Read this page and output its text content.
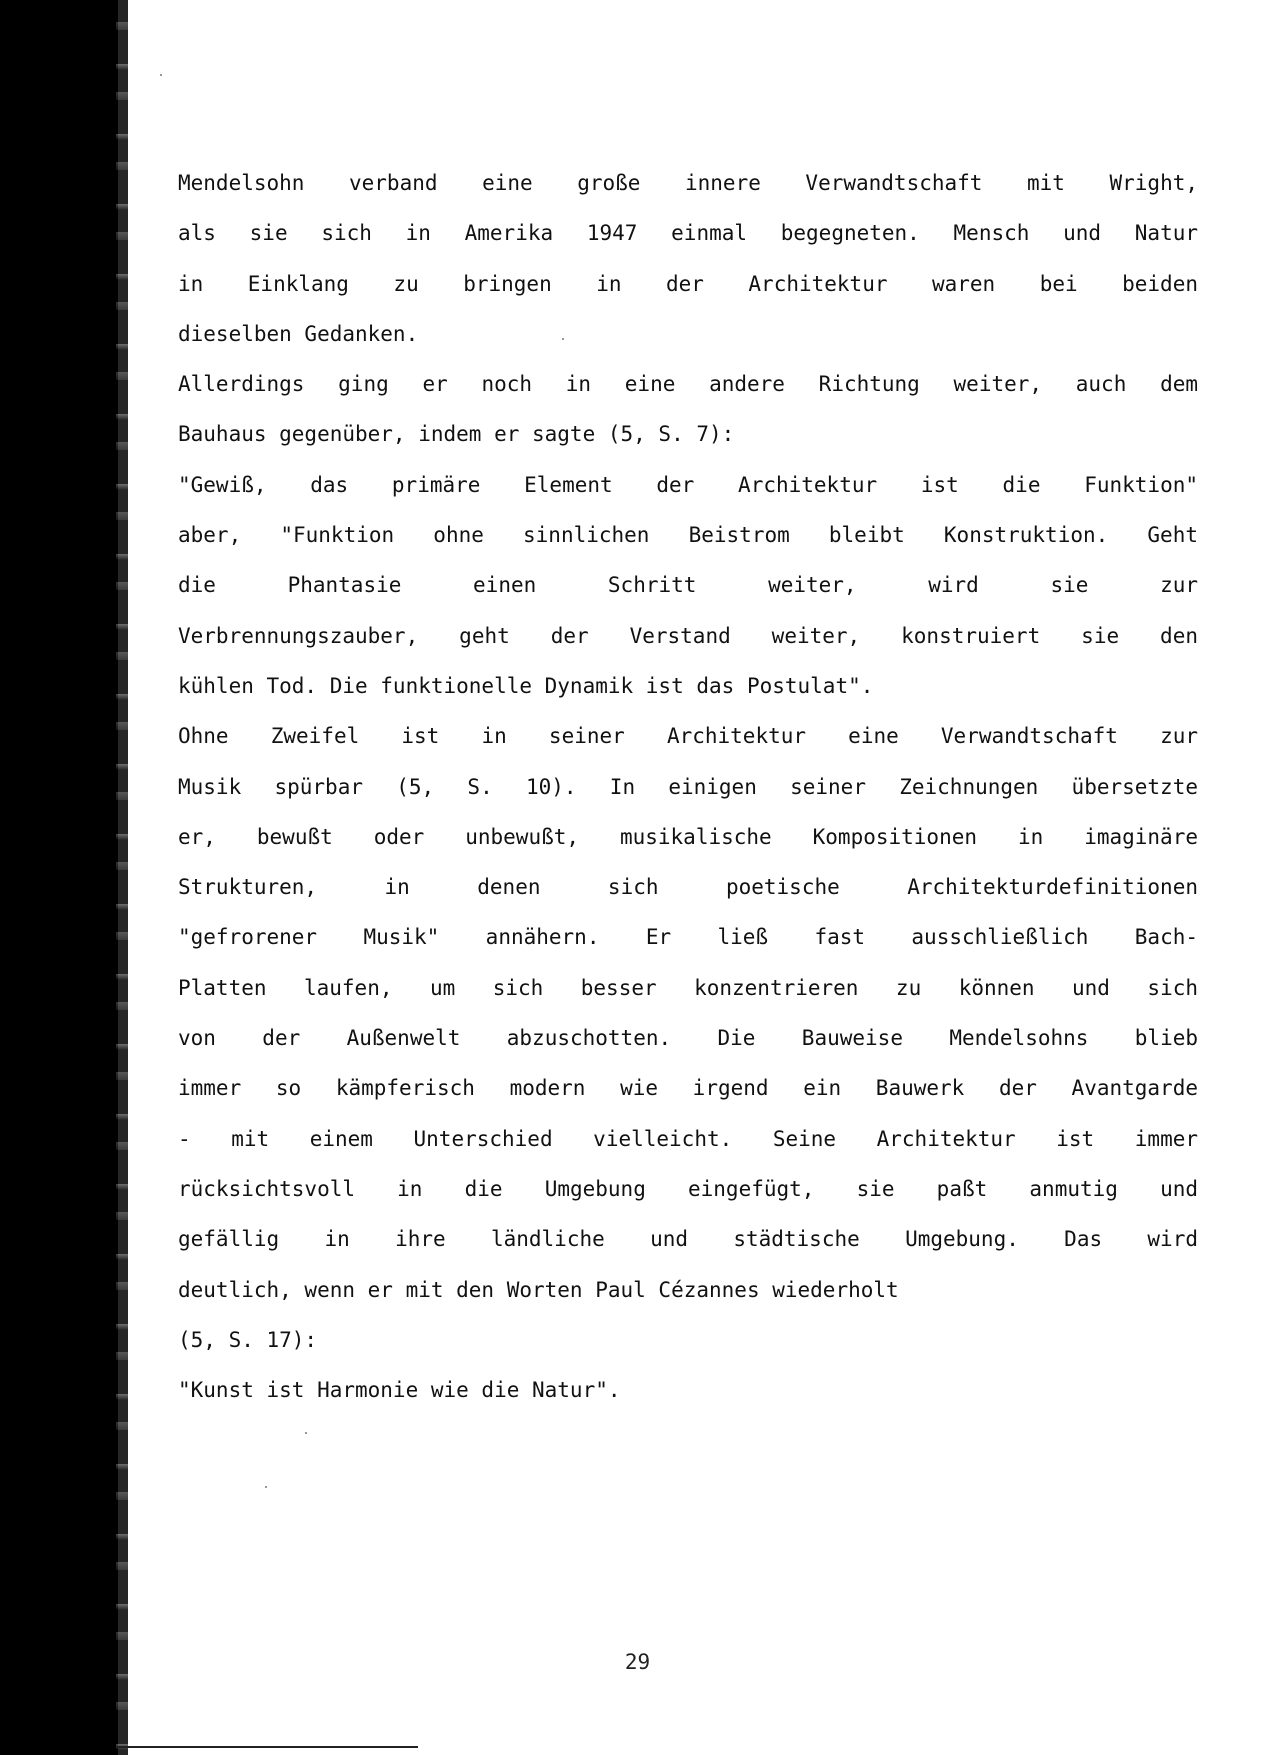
Mendelsohn verband eine große innere Verwandtschaft mit Wright,
als sie sich in Amerika 1947 einmal begegneten. Mensch und Natur
in Einklang zu bringen in der Architektur waren bei beiden
dieselben Gedanken.
Allerdings ging er noch in eine andere Richtung weiter, auch dem
Bauhaus gegenüber, indem er sagte (5, S. 7):
"Gewiß, das primäre Element der Architektur ist die Funktion"
aber, "Funktion ohne sinnlichen Beistrom bleibt Konstruktion. Geht
die Phantasie einen Schritt weiter, wird sie zur
Verbrennungszauber, geht der Verstand weiter, konstruiert sie den
kühlen Tod. Die funktionelle Dynamik ist das Postulat".
Ohne Zweifel ist in seiner Architektur eine Verwandtschaft zur
Musik spürbar (5, S. 10). In einigen seiner Zeichnungen übersetzte
er, bewußt oder unbewußt, musikalische Kompositionen in imaginäre
Strukturen, in denen sich poetische Architekturdefinitionen
"gefrorener Musik" annähern. Er ließ fast ausschließlich Bach-
Platten laufen, um sich besser konzentrieren zu können und sich
von der Außenwelt abzuschotten. Die Bauweise Mendelsohns blieb
immer so kämpferisch modern wie irgend ein Bauwerk der Avantgarde
- mit einem Unterschied vielleicht. Seine Architektur ist immer
rücksichtsvoll in die Umgebung eingefügt, sie paßt anmutig und
gefällig in ihre ländliche und städtische Umgebung. Das wird
deutlich, wenn er mit den Worten Paul Cézannes wiederholt
(5, S. 17):
"Kunst ist Harmonie wie die Natur".
29
